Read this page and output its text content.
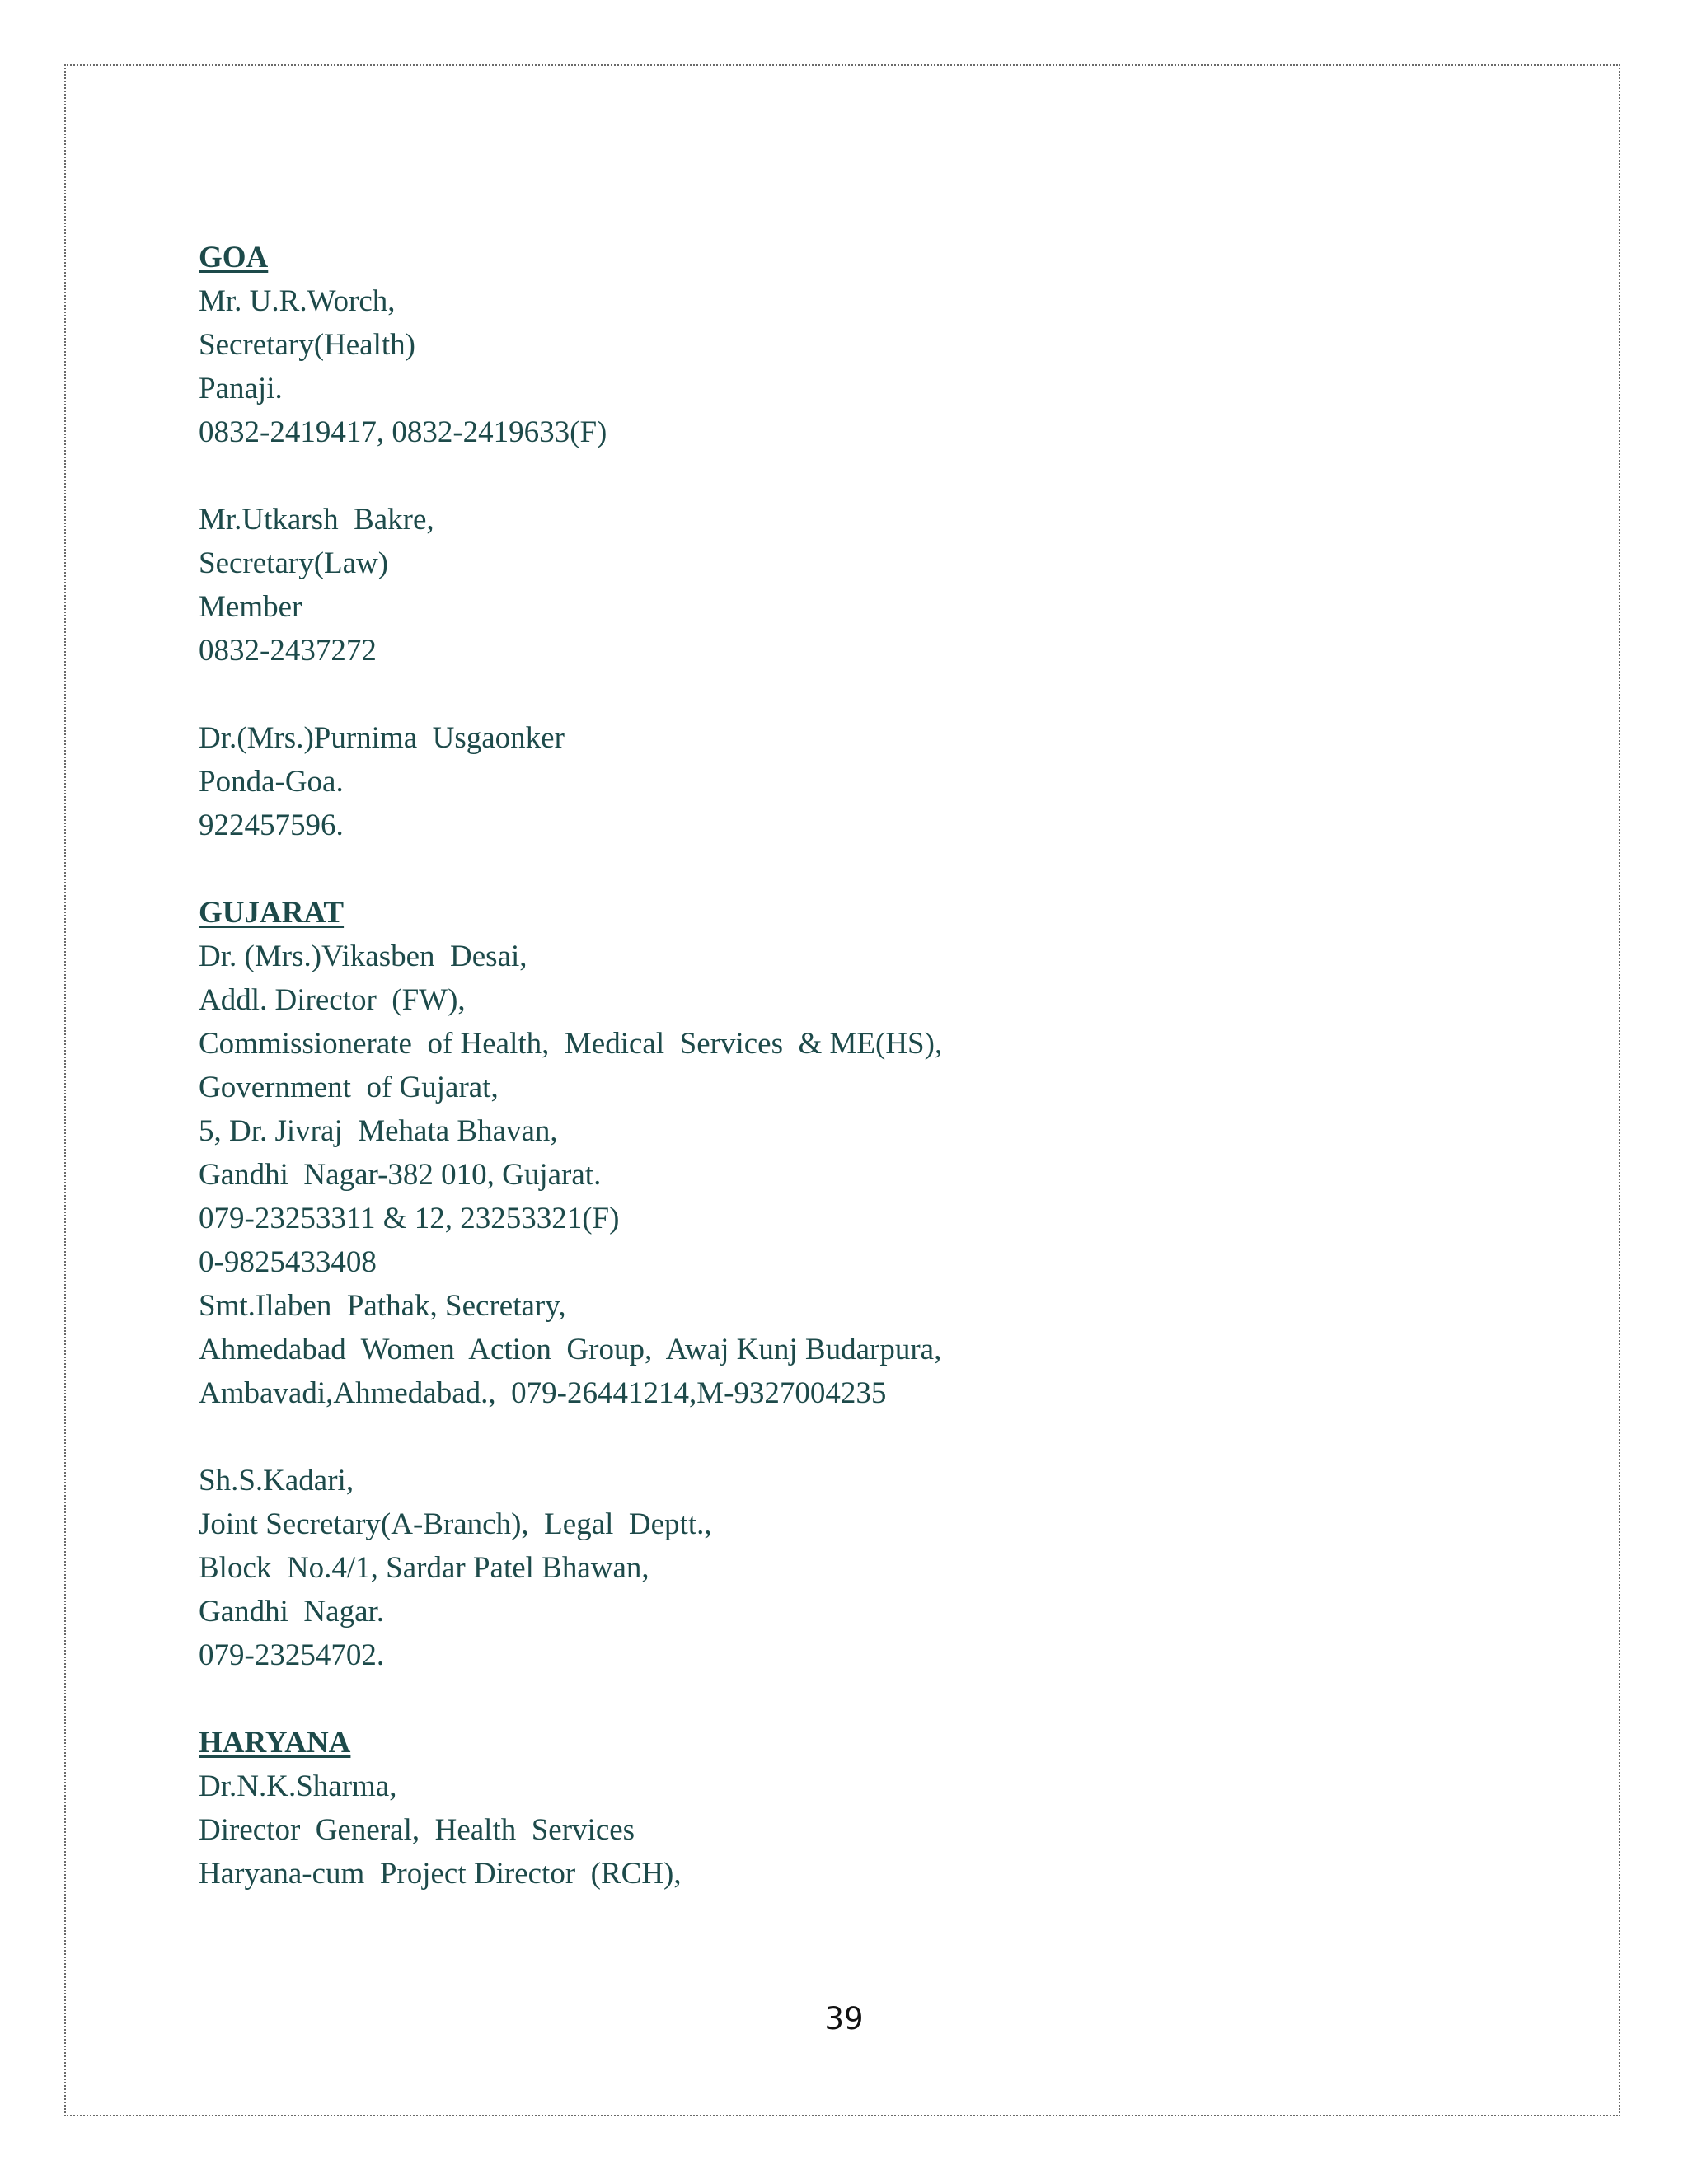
GOA
Mr. U.R.Worch,
Secretary(Health)
Panaji.
0832-2419417, 0832-2419633(F)
Mr.Utkarsh  Bakre,
Secretary(Law)
Member
0832-2437272
Dr.(Mrs.)Purnima  Usgaonker
Ponda-Goa.
922457596.
GUJARAT
Dr. (Mrs.)Vikasben  Desai,
Addl. Director  (FW),
Commissionerate  of Health,  Medical  Services  & ME(HS),
Government  of Gujarat,
5, Dr. Jivraj  Mehata Bhavan,
Gandhi  Nagar-382 010, Gujarat.
079-23253311 & 12, 23253321(F)
0-9825433408
Smt.Ilaben  Pathak, Secretary,
Ahmedabad  Women  Action  Group,  Awaj Kunj Budarpura,
Ambavadi,Ahmedabad.,  079-26441214,M-9327004235
Sh.S.Kadari,
Joint Secretary(A-Branch),  Legal  Deptt.,
Block  No.4/1, Sardar Patel Bhawan,
Gandhi  Nagar.
079-23254702.
HARYANA
Dr.N.K.Sharma,
Director  General,  Health  Services
Haryana-cum  Project Director  (RCH),
39
